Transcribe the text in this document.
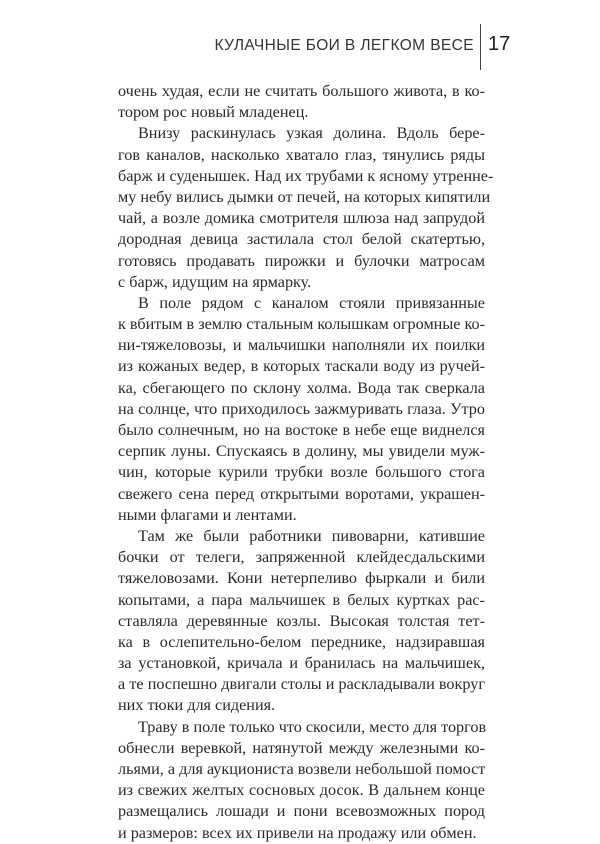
КУЛАЧНЫЕ БОИ В ЛЕГКОМ ВЕСЕ 17

очень худая, если не считать большого живота, в ко-
тором рос новый младенец.

Внизу раскинулась узкая долина. Вдоль бере-
гов каналов, насколько хватало глаз, тянулись ряды
барж и суденышек. Над их трубами к ясному утренне-
му небу вились дымки от печей, на которых кипятили
чай, а возле домика смотрителя шлюза над запрудой
дородная девица застилала стол белой скатертью,
готовясь продавать пирожки и булочки матросам
с барж, идущим на ярмарку.

В поле рядом с каналом стояли привязанные
к вбитым в землю стальным колышкам огромные ко-
ни-тяжеловозы, и мальчишки наполняли их поилки
из кожаных ведер, в которых таскали воду из ручей-
ка, сбегающего по склону холма. Вода так сверкала
на солнце, что приходилось зажмуривать глаза. Утро
было солнечным, но на востоке в небе еще виднелся
серпик луны. Спускаясь в долину, мы увидели муж-
чин, которые курили трубки возле большого стога
свежего сена перед открытыми воротами, украшен-
ными флагами и лентами.

Там же были работники пивоварни, катившие
бочки от телеги, запряженной клейдесдальскими
тяжеловозами. Кони нетерпеливо фыркали и били
копытами, а пара мальчишек в белых куртках рас-
ставляла деревянные козлы. Высокая толстая тет-
ка в ослепительно-белом переднике, надзиравшая
за установкой, кричала и бранилась на мальчишек,
а те поспешно двигали столы и раскладывали вокруг
них тюки для сидения.

Траву в поле только что скосили, место для торгов
обнесли веревкой, натянутой между железными ко-
льями, а для аукциониста возвели небольшой помост
из свежих желтых сосновых досок. В дальнем конце
размещались лошади и пони всевозможных пород
и размеров: всех их привели на продажу или обмен.
